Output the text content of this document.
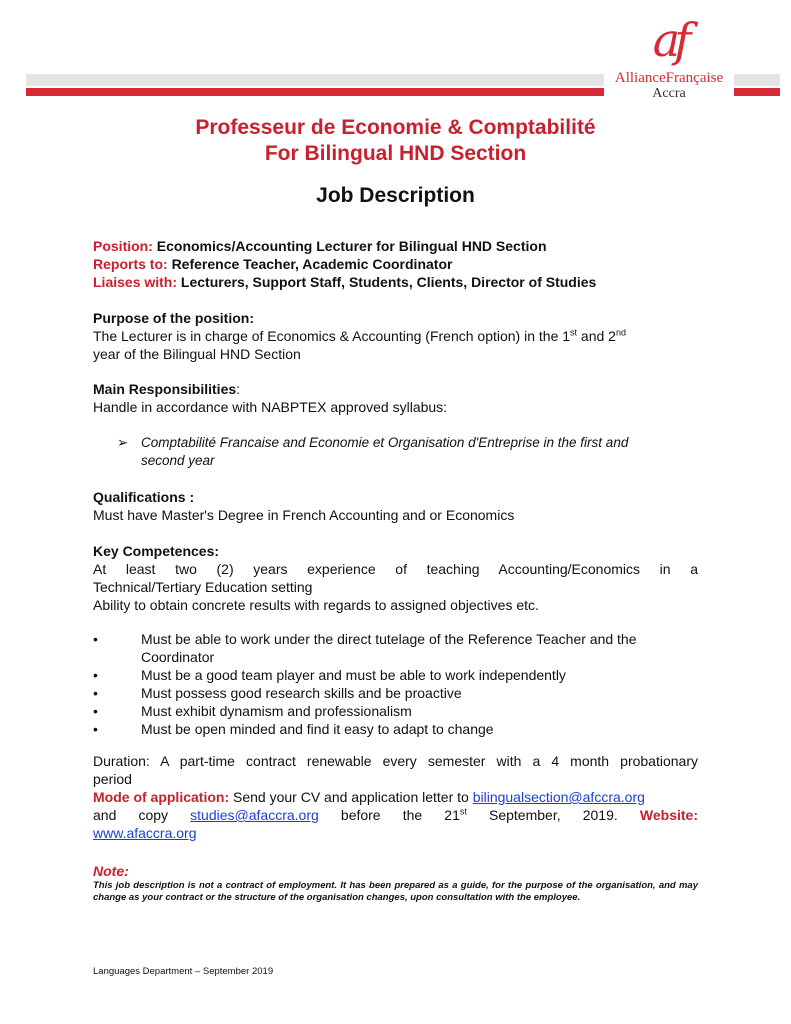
af
AllianceFrançaise
Accra
Professeur de Economie & Comptabilité
For Bilingual HND Section
Job Description
Position: Economics/Accounting Lecturer for Bilingual HND Section
Reports to: Reference Teacher, Academic Coordinator
Liaises with: Lecturers, Support Staff, Students, Clients, Director of Studies
Purpose of the position:
The Lecturer is in charge of Economics & Accounting (French option) in the 1st and 2nd
year of the Bilingual HND Section
Main Responsibilities:
Handle in accordance with NABPTEX approved syllabus:
➢ Comptabilité Francaise and Economie et Organisation d'Entreprise in the first and
second year
Qualifications :
Must have Master's Degree in French Accounting and or Economics
Key Competences:
At least two (2) years experience of teaching Accounting/Economics in a
Technical/Tertiary Education setting
Ability to obtain concrete results with regards to assigned objectives etc.
•	Must be able to work under the direct tutelage of the Reference Teacher and the
Coordinator
•	Must be a good team player and must be able to work independently
•	Must possess good research skills and be proactive
•	Must exhibit dynamism and professionalism
•	Must be open minded and find it easy to adapt to change
Duration: A part-time contract renewable every semester with a 4 month probationary
period
Mode of application: Send your CV and application letter to bilingualsection@afccra.org
and copy studies@afaccra.org before the 21st September, 2019. Website:
www.afaccra.org
Note:
This job description is not a contract of employment. It has been prepared as a guide, for the purpose of the organisation, and may change as your contract or the structure of the organisation changes, upon consultation with the employee.
Languages Department – September 2019
